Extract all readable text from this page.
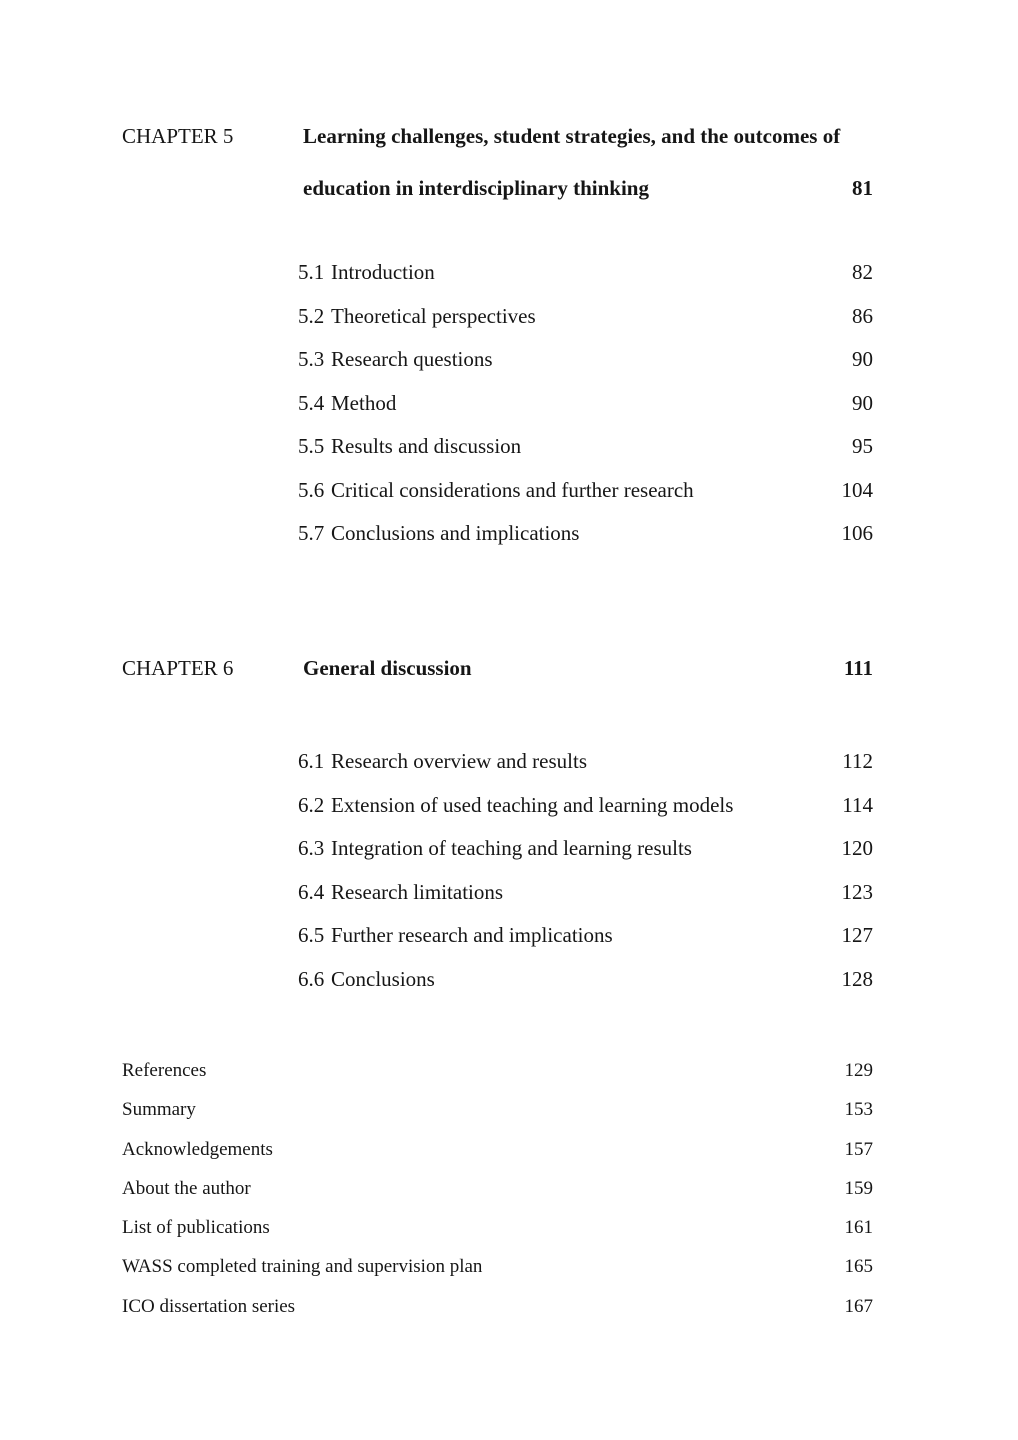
CHAPTER 5	Learning challenges, student strategies, and the outcomes of
education in interdisciplinary thinking	81
5.1 Introduction	82
5.2 Theoretical perspectives	86
5.3 Research questions	90
5.4 Method	90
5.5 Results and discussion	95
5.6 Critical considerations and further research	104
5.7 Conclusions and implications	106
CHAPTER 6	General discussion	111
6.1 Research overview and results	112
6.2 Extension of used teaching and learning models	114
6.3 Integration of teaching and learning results	120
6.4 Research limitations	123
6.5 Further research and implications	127
6.6 Conclusions	128
References	129
Summary	153
Acknowledgements	157
About the author	159
List of publications	161
WASS completed training and supervision plan	165
ICO dissertation series	167
